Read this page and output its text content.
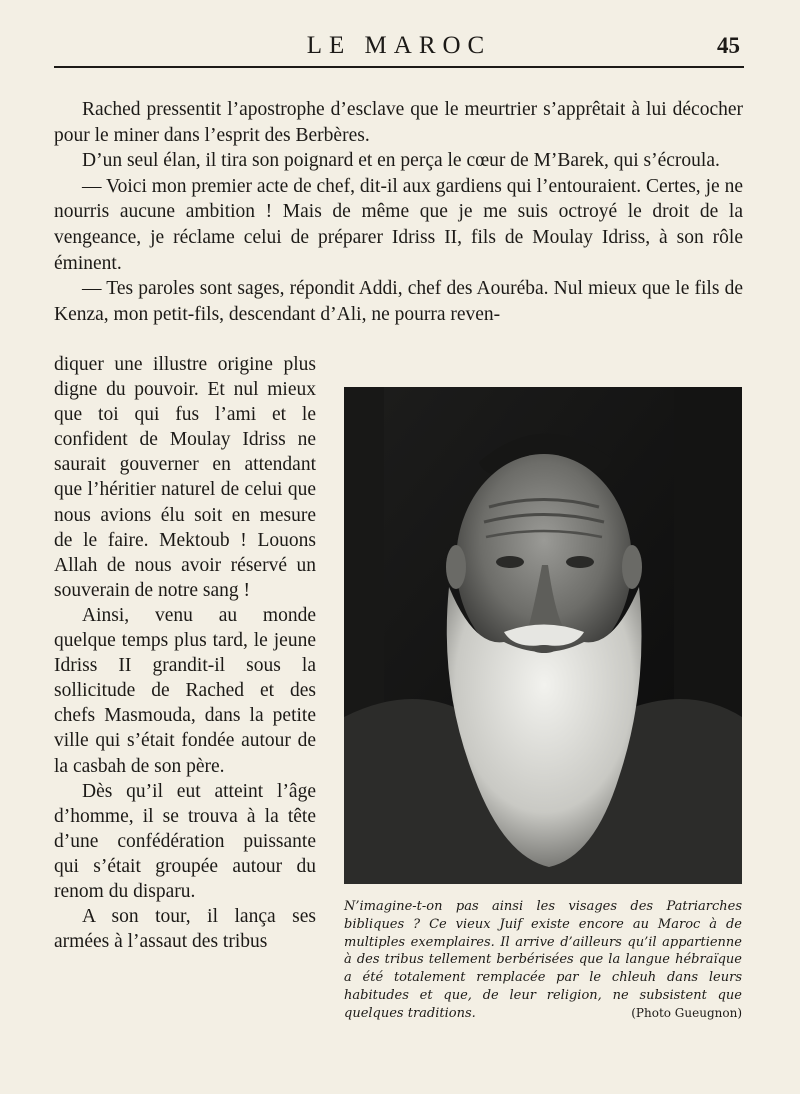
LE MAROC	45

Rached pressentit l’apostrophe d’esclave que le meurtrier s’apprêtait à lui décocher pour le miner dans l’esprit des Berbères.

D’un seul élan, il tira son poignard et en perça le cœur de M’Barek, qui s’écroula.

— Voici mon premier acte de chef, dit-il aux gardiens qui l’entouraient. Certes, je ne nourris aucune ambition ! Mais de même que je me suis octroyé le droit de la vengeance, je réclame celui de préparer Idriss II, fils de Moulay Idriss, à son rôle éminent.

— Tes paroles sont sages, répondit Addi, chef des Aouréba. Nul mieux que le fils de Kenza, mon petit-fils, descendant d’Ali, ne pourra reven-

diquer une illustre origine plus digne du pouvoir. Et nul mieux que toi qui fus l’ami et le confident de Moulay Idriss ne saurait gouverner en attendant que l’héritier naturel de celui que nous avions élu soit en mesure de le faire. Mektoub ! Louons Allah de nous avoir réservé un souverain de notre sang !

Ainsi, venu au monde quelque temps plus tard, le jeune Idriss II grandit-il sous la sollicitude de Rached et des chefs Masmouda, dans la petite ville qui s’était fondée autour de la casbah de son père.

Dès qu’il eut atteint l’âge d’homme, il se trouva à la tête d’une confédération puissante qui s’était groupée autour du renom du disparu.

A son tour, il lança ses armées à l’assaut des tribus

N’imagine-t-on pas ainsi les visages des Patriarches bibliques ? Ce vieux Juif existe encore au Maroc à de multiples exemplaires. Il arrive d’ailleurs qu’il appartienne à des tribus tellement berbérisées que la langue hébraïque a été totalement remplacée par le chleuh dans leurs habitudes et que, de leur religion, ne subsistent que quelques traditions.	(Photo Gueugnon)
